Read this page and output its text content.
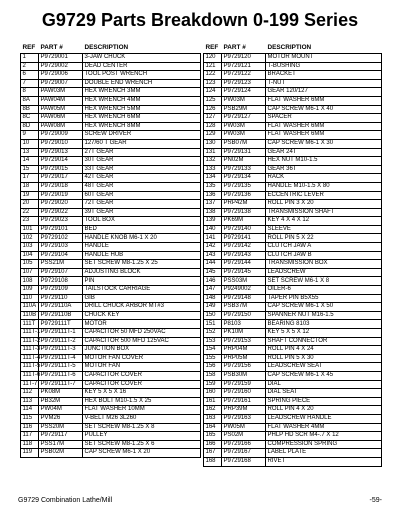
G9729 Parts Breakdown 0-199 Series
REF	PART #	DESCRIPTION
1	P9729001	3-JAW CHUCK
2	P9729002	DEAD CENTER
6	P9729006	TOOL POST WRENCH
7	P9729007	DOUBLE END WRENCH
8	PAW03M	HEX WRENCH 3MM
8A	PAW04M	HEX WRENCH 4MM
8B	PAW05M	HEX WRENCH 5MM
8C	PAW06M	HEX WRENCH 6MM
8D	PAW08M	HEX WRENCH 8MM
9	P9729009	SCREW DRIVER
10	P9729010	127/60 T GEAR
13	P9729013	27T GEAR
14	P9729014	30T GEAR
15	P9729015	33T GEAR
17	P9729017	42T GEAR
18	P9729018	48T GEAR
19	P9729019	60T GEAR
20	P9729020	72T GEAR
22	P9729022	39T GEAR
23	P9729023	TOOL BOX
101	P9729101	BED
102	P9729102	HANDLE KNOB M6-1 X 20
103	P9729103	HANDLE
104	P9729104	HANDLE HUB
105	PSS21M	SET SCREW M8-1.25 X 25
107	P9729107	ADJUSTING BLOCK
108	P9729108	PIN
109	P9729109	TAILSTOCK CARRIAGE
110	P9729110	GIB
110A	P9729110A	DRILL CHUCK ARBOR MT#3
110B	P9729110B	CHUCK KEY
111T	P9729111T	MOTOR
111T-1	P9729111T-1	CAPACITOR 50 MFD 250VAC
111T-2	P9729111T-2	CAPACITOR 500 MFD 125VAC
111T-3	P9729111T-3	JUNCTION BOX
111T-4	P9729111T-4	MOTOR FAN COVER
111T-5	P9729111T-5	MOTOR FAN
111T-6	P9729111T-6	CAPACITOR COVER
11T-7	P9729111T-7	CAPACITOR COVER
112	PK08M	KEY 5 X 5 X 16
113	PB32M	HEX BOLT M10-1.5 X 25
114	PW04M	FLAT WASHER 10MM
115	PVM26	V-BELT M26 3L260
116	PSS20M	SET SCREW M8-1.25 X 8
117	P9729117	PULLEY
118	PSS17M	SET SCREW M8-1.25 X 6
119	PSB02M	CAP SCREW M6-1 X 20
REF	PART #	DESCRIPTION
120	P9729120	MOTOR MOUNT
121	P9729121	T-BUSHING
122	P9729122	BRACKET
123	P9729123	T-NUT
124	P9729124	GEAR 120/127
125	PW03M	FLAT WASHER 6MM
126	PSB29M	CAP SCREW M6-1 X 40
127	P9729127	SPACER
128	PW03M	FLAT WASHER 6MM
129	PW03M	FLAT WASHER 6MM
130	PSB07M	CAP SCREW M6-1 X 30
131	P9729131	GEAR 24T
132	PN02M	HEX NUT M10-1.5
133	P9729133	GEAR 36T
134	P9729134	RACK
135	P9729135	HANDLE M10-1.5 X 80
136	P9729136	ECCENTRIC LEVER
137	PRP42M	ROLL PIN 3 X 20
138	P9729138	TRANSMISSION SHAFT
139	PK69M	KEY 4 X 4 X 12
140	P9729140	SLEEVE
141	P9729141	ROLL PIN 5 X 22
142	P9729142	CLUTCH JAW A
143	P9729143	CLUTCH JAW B
144	P9729144	TRANSMISSION BOX
145	P9729145	LEADSCREW
146	PSS03M	SET SCREW M6-1 X 8
147	P9249002	OILER-6
148	P9729148	TAPER PIN B5X55
149	PSB37M	CAP SCREW M6-1 X 50
150	P9729150	SPANNER NUT M16-1.5
151	P8103	BEARING 8103
152	PK10M	KEY 5 X 5 X 12
153	P9729153	SHAFT CONNECTOR
154	PRP04M	ROLL PIN 4 X 24
155	PRP05M	ROLL PIN 5 X 30
156	P9729156	LEADSCREW SEAT
158	PSB30M	CAP SCREW M6-1 X 45
159	P9729159	DIAL
160	P9729160	DIAL SEAT
161	P9729161	SPRING PIECE
162	PRP39M	ROLL PIN 4 X 20
163	P9729163	LEADSCREW HANDLE
164	PW05M	FLAT WASHER 4MM
165	PS02M	PHLP HD SCR M4-.7 X 12
166	P9729166	COMPRESSION SPRING
167	P9729167	LABEL PLATE
168	P9729168	RIVET
G9729 Combination Lathe/Mill	-59-
